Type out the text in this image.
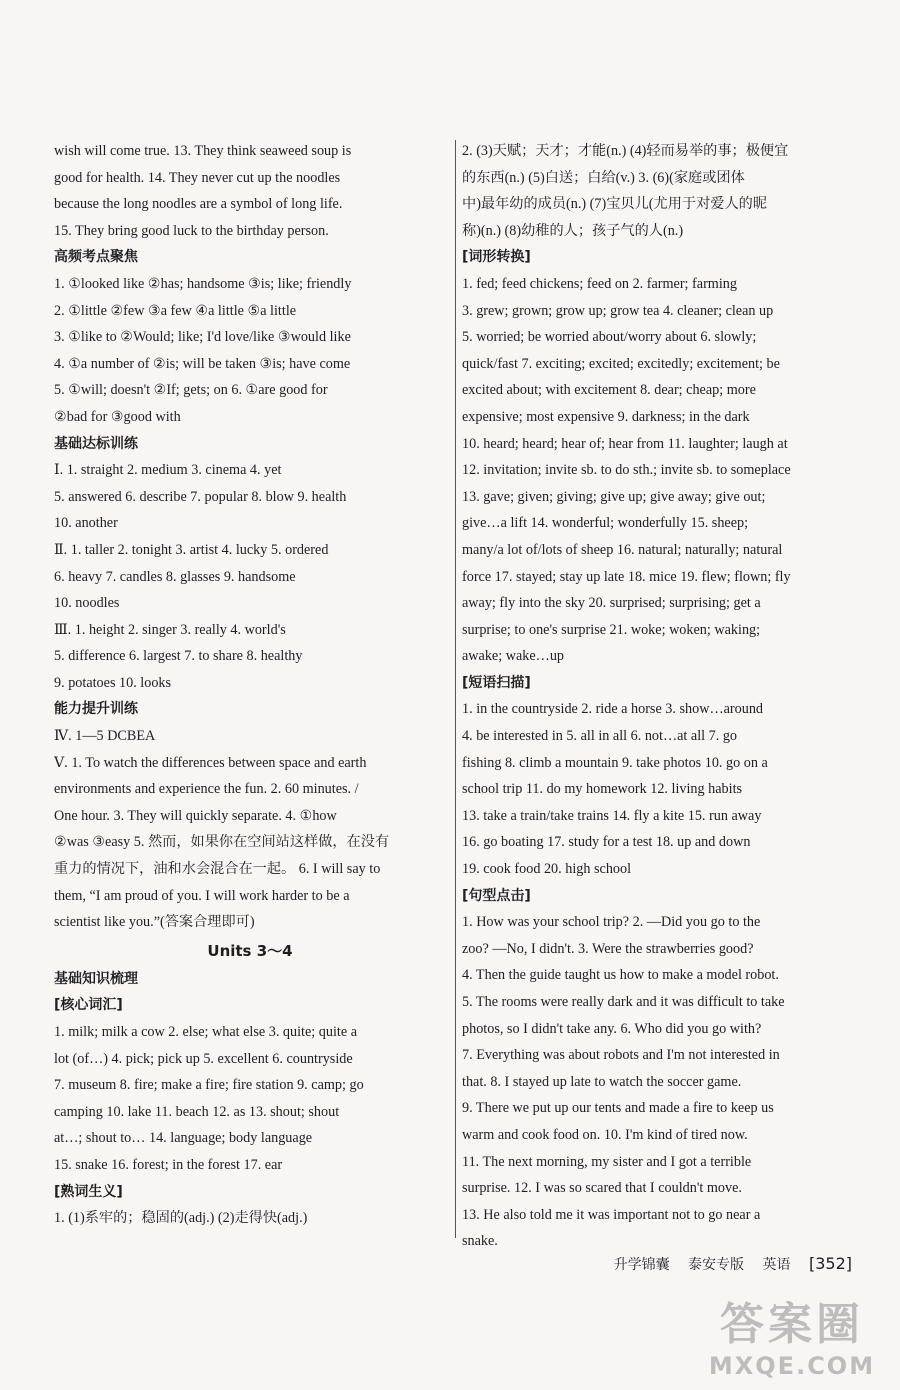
wish will come true. 13. They think seaweed soup is
good for health. 14. They never cut up the noodles
because the long noodles are a symbol of long life.
15. They bring good luck to the birthday person.
高频考点聚焦
1. ①looked like ②has; handsome ③is; like; friendly
2. ①little ②few ③a few ④a little ⑤a little
3. ①like to ②Would; like; I'd love/like ③would like
4. ①a number of ②is; will be taken ③is; have come
5. ①will; doesn't ②If; gets; on 6. ①are good for
②bad for ③good with
基础达标训练
Ⅰ. 1. straight 2. medium 3. cinema 4. yet
5. answered 6. describe 7. popular 8. blow 9. health
10. another
Ⅱ. 1. taller 2. tonight 3. artist 4. lucky 5. ordered
6. heavy 7. candles 8. glasses 9. handsome
10. noodles
Ⅲ. 1. height 2. singer 3. really 4. world's
5. difference 6. largest 7. to share 8. healthy
9. potatoes 10. looks
能力提升训练
Ⅳ. 1—5 DCBEA
Ⅴ. 1. To watch the differences between space and earth
environments and experience the fun. 2. 60 minutes. /
One hour. 3. They will quickly separate. 4. ①how
②was ③easy 5. 然而，如果你在空间站这样做，在没有
重力的情况下，油和水会混合在一起。 6. I will say to
them, “I am proud of you. I will work harder to be a
scientist like you.”(答案合理即可)
Units 3～4
基础知识梳理
[核心词汇]
1. milk; milk a cow 2. else; what else 3. quite; quite a
lot (of…) 4. pick; pick up 5. excellent 6. countryside
7. museum 8. fire; make a fire; fire station 9. camp; go
camping 10. lake 11. beach 12. as 13. shout; shout
at…; shout to… 14. language; body language
15. snake 16. forest; in the forest 17. ear
[熟词生义]
1. (1)系牢的；稳固的(adj.) (2)走得快(adj.)
2. (3)天赋；天才；才能(n.) (4)轻而易举的事；极便宜
的东西(n.) (5)白送；白给(v.) 3. (6)(家庭或团体
中)最年幼的成员(n.) (7)宝贝儿(尤用于对爱人的昵
称)(n.) (8)幼稚的人；孩子气的人(n.)
[词形转换]
1. fed; feed chickens; feed on 2. farmer; farming
3. grew; grown; grow up; grow tea 4. cleaner; clean up
5. worried; be worried about/worry about 6. slowly;
quick/fast 7. exciting; excited; excitedly; excitement; be
excited about; with excitement 8. dear; cheap; more
expensive; most expensive 9. darkness; in the dark
10. heard; heard; hear of; hear from 11. laughter; laugh at
12. invitation; invite sb. to do sth.; invite sb. to someplace
13. gave; given; giving; give up; give away; give out;
give…a lift 14. wonderful; wonderfully 15. sheep;
many/a lot of/lots of sheep 16. natural; naturally; natural
force 17. stayed; stay up late 18. mice 19. flew; flown; fly
away; fly into the sky 20. surprised; surprising; get a
surprise; to one's surprise 21. woke; woken; waking;
awake; wake…up
[短语扫描]
1. in the countryside 2. ride a horse 3. show…around
4. be interested in 5. all in all 6. not…at all 7. go
fishing 8. climb a mountain 9. take photos 10. go on a
school trip 11. do my homework 12. living habits
13. take a train/take trains 14. fly a kite 15. run away
16. go boating 17. study for a test 18. up and down
19. cook food 20. high school
[句型点击]
1. How was your school trip? 2. —Did you go to the
zoo? —No, I didn't. 3. Were the strawberries good?
4. Then the guide taught us how to make a model robot.
5. The rooms were really dark and it was difficult to take
photos, so I didn't take any. 6. Who did you go with?
7. Everything was about robots and I'm not interested in
that. 8. I stayed up late to watch the soccer game.
9. There we put up our tents and made a fire to keep us
warm and cook food on. 10. I'm kind of tired now.
11. The next morning, my sister and I got a terrible
surprise. 12. I was so scared that I couldn't move.
13. He also told me it was important not to go near a
snake.
升学锦囊 泰安专版 英语 [352]
答案圈
MXQE.COM
